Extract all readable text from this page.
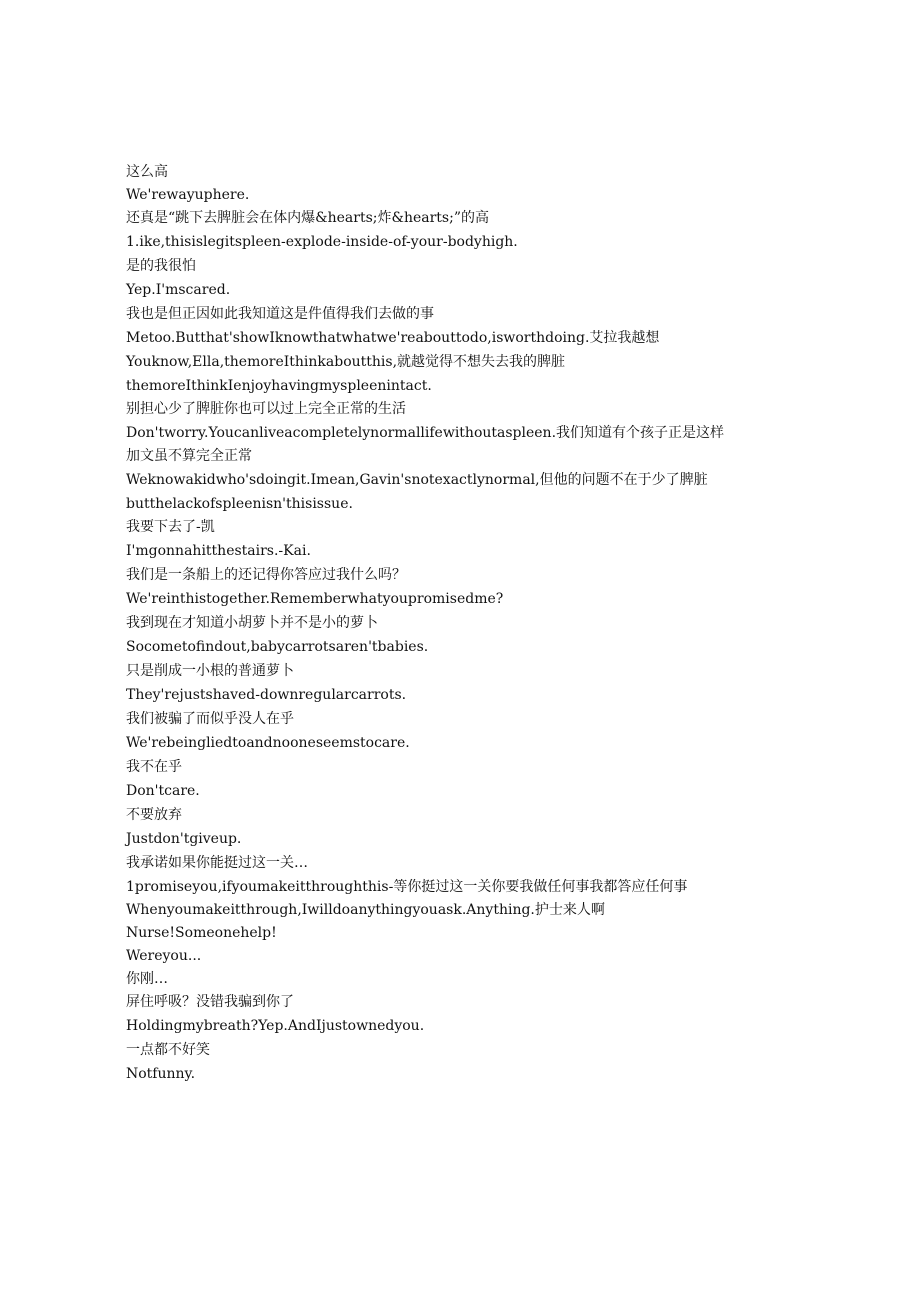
这么高

We'rewayuphere.

还真是“跳下去脾脏会在体内爆&hearts;炸&hearts;”的高

1.ike,thisislegitspleen-explode-inside-of-your-bodyhigh.

是的我很怕

Yep.I'mscared.

我也是但正因如此我知道这是件值得我们去做的事

Metoo.Butthat'showIknowthatwhatwe'reabouttodo,isworthdoing.艾拉我越想

Youknow,Ella,themoreIthinkaboutthis,就越觉得不想失去我的脾脏

themoreIthinkIenjoyhavingmyspleenintact.

别担心少了脾脏你也可以过上完全正常的生活

Don'tworry.Youcanliveacompletelynormallifewithoutaspleen.我们知道有个孩子正是这样

加文虽不算完全正常

Weknowakidwho'sdoingit.Imean,Gavin'snotexactlynormal,但他的问题不在于少了脾脏

butthelackofspleenisn'thisissue.

我要下去了-凯

I'mgonnahitthestairs.-Kai.

我们是一条船上的还记得你答应过我什么吗？

We'reinthistogether.Rememberwhatyoupromisedme?

我到现在才知道小胡萝卜并不是小的萝卜

Socometofindout,babycarrotsaren'tbabies.

只是削成一小根的普通萝卜

They'rejustshaved-downregularcarrots.

我们被骗了而似乎没人在乎

We'rebeingliedtoandnooneseemstocare.

我不在乎

Don'tcare.

不要放弃

Justdon'tgiveup.

我承诺如果你能挺过这一关…

1promiseyou,ifyoumakeitthroughthis-等你挺过这一关你要我做任何事我都答应任何事

Whenyoumakeitthrough,Iwilldoanythingyouask.Anything.护士来人啊

Nurse!Someonehelp!

Wereyou...

你刚…

屏住呼吸？没错我骗到你了

Holdingmybreath?Yep.AndIjustownedyou.

一点都不好笑

Notfunny.
